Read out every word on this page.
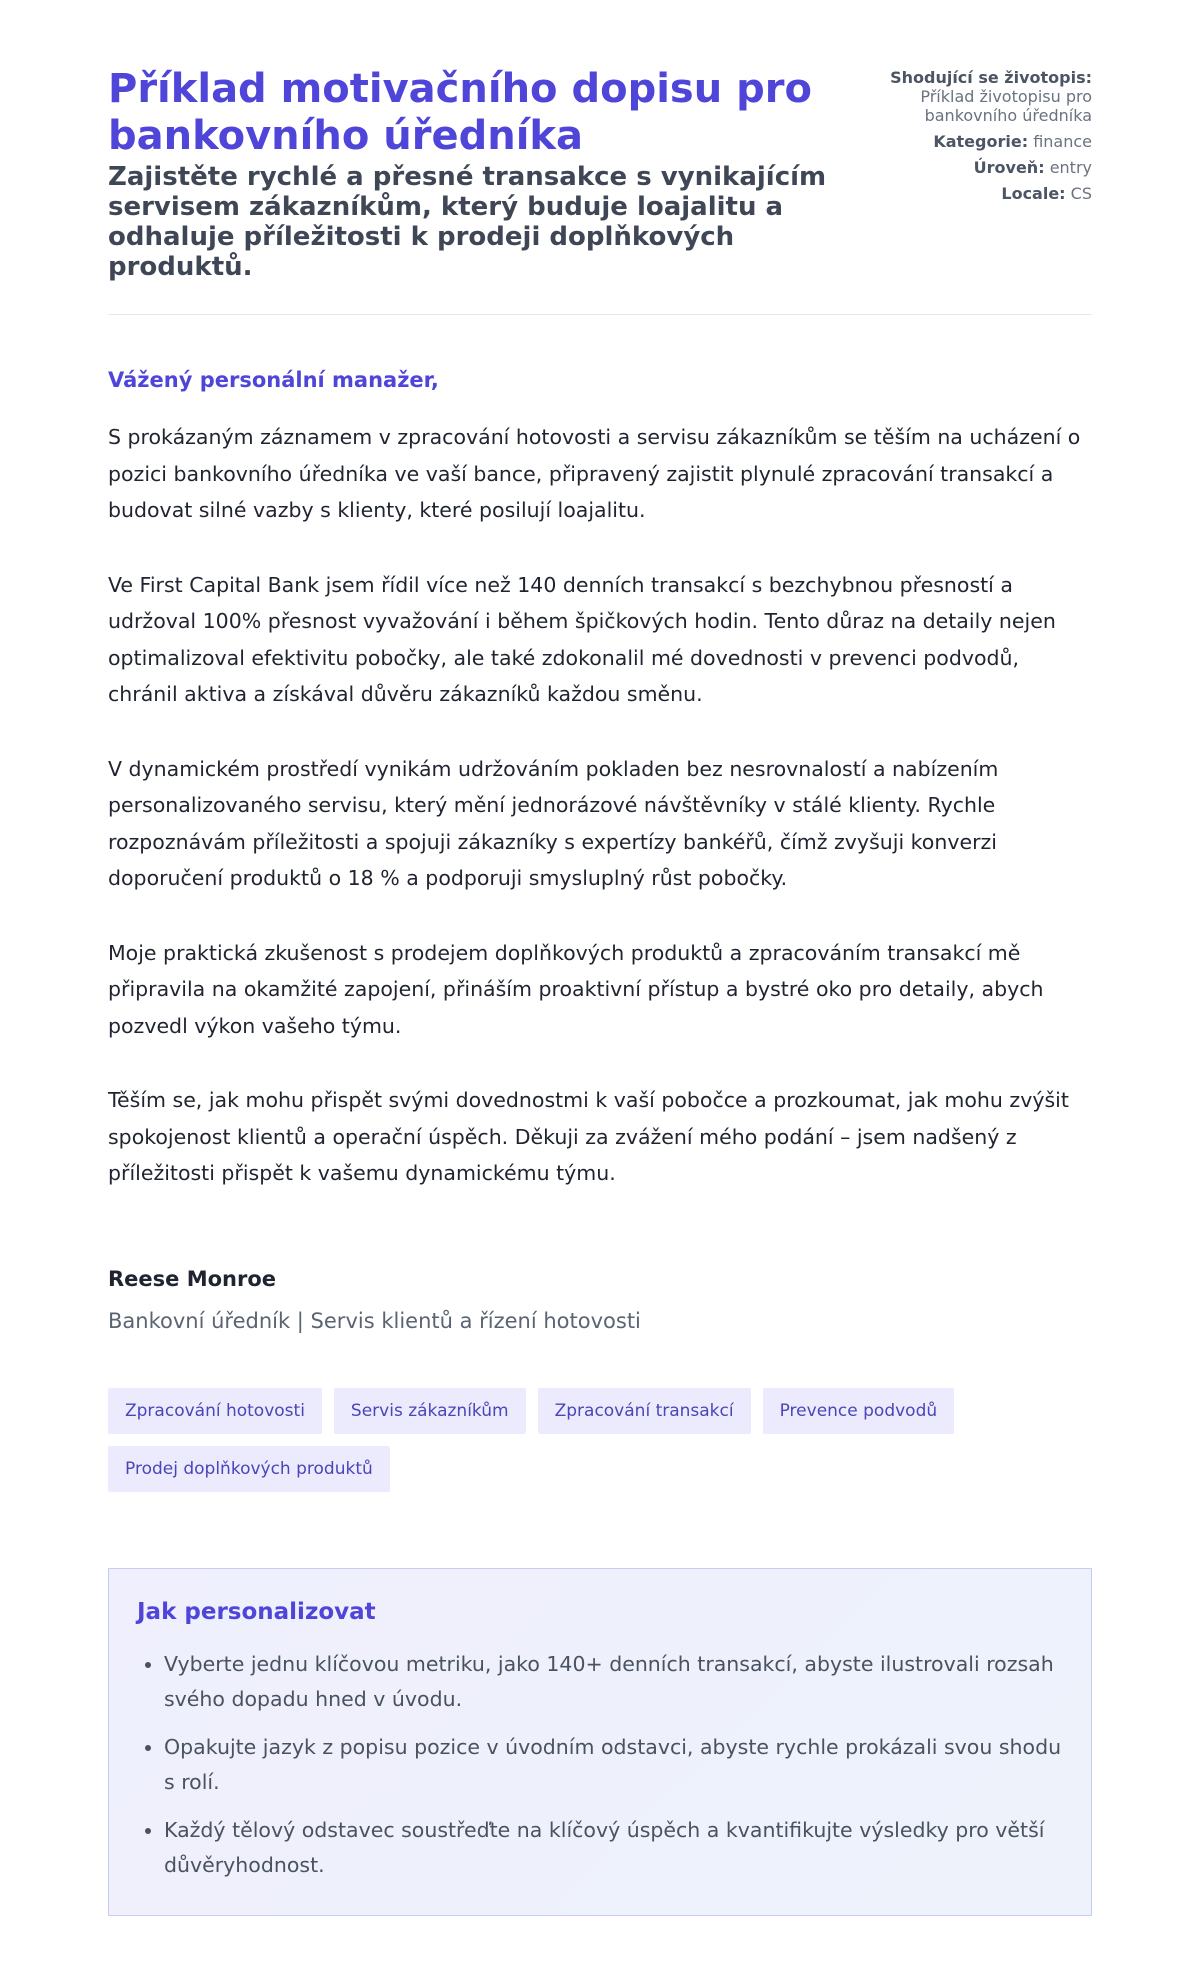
Příklad motivačního dopisu pro bankovního úředníka
Zajistěte rychlé a přesné transakce s vynikajícím servisem zákazníkům, který buduje loajalitu a odhaluje příležitosti k prodeji doplňkových produktů.
Shodující se životopis: Příklad životopisu pro bankovního úředníka
Kategorie: finance
Úroveň: entry
Locale: CS

Vážený personální manažer,

S prokázaným záznamem v zpracování hotovosti a servisu zákazníkům se těším na ucházení o pozici bankovního úředníka ve vaší bance, připravený zajistit plynulé zpracování transakcí a budovat silné vazby s klienty, které posilují loajalitu.

Ve First Capital Bank jsem řídil více než 140 denních transakcí s bezchybnou přesností a udržoval 100% přesnost vyvažování i během špičkových hodin. Tento důraz na detaily nejen optimalizoval efektivitu pobočky, ale také zdokonalil mé dovednosti v prevenci podvodů, chránil aktiva a získával důvěru zákazníků každou směnu.

V dynamickém prostředí vynikám udržováním pokladen bez nesrovnalostí a nabízením personalizovaného servisu, který mění jednorázové návštěvníky v stálé klienty. Rychle rozpoznávám příležitosti a spojuji zákazníky s expertízy bankéřů, čímž zvyšuji konverzi doporučení produktů o 18 % a podporuji smysluplný růst pobočky.

Moje praktická zkušenost s prodejem doplňkových produktů a zpracováním transakcí mě připravila na okamžité zapojení, přináším proaktivní přístup a bystré oko pro detaily, abych pozvedl výkon vašeho týmu.

Těším se, jak mohu přispět svými dovednostmi k vaší pobočce a prozkoumat, jak mohu zvýšit spokojenost klientů a operační úspěch. Děkuji za zvážení mého podání – jsem nadšený z příležitosti přispět k vašemu dynamickému týmu.

Reese Monroe
Bankovní úředník | Servis klientů a řízení hotovosti
Zpracování hotovosti	Servis zákazníkům	Zpracování transakcí	Prevence podvodů
Prodej doplňkových produktů
Jak personalizovat
• Vyberte jednu klíčovou metriku, jako 140+ denních transakcí, abyste ilustrovali rozsah svého dopadu hned v úvodu.
• Opakujte jazyk z popisu pozice v úvodním odstavci, abyste rychle prokázali svou shodu s rolí.
• Každý tělový odstavec soustřeďte na klíčový úspěch a kvantifikujte výsledky pro větší důvěryhodnost.
